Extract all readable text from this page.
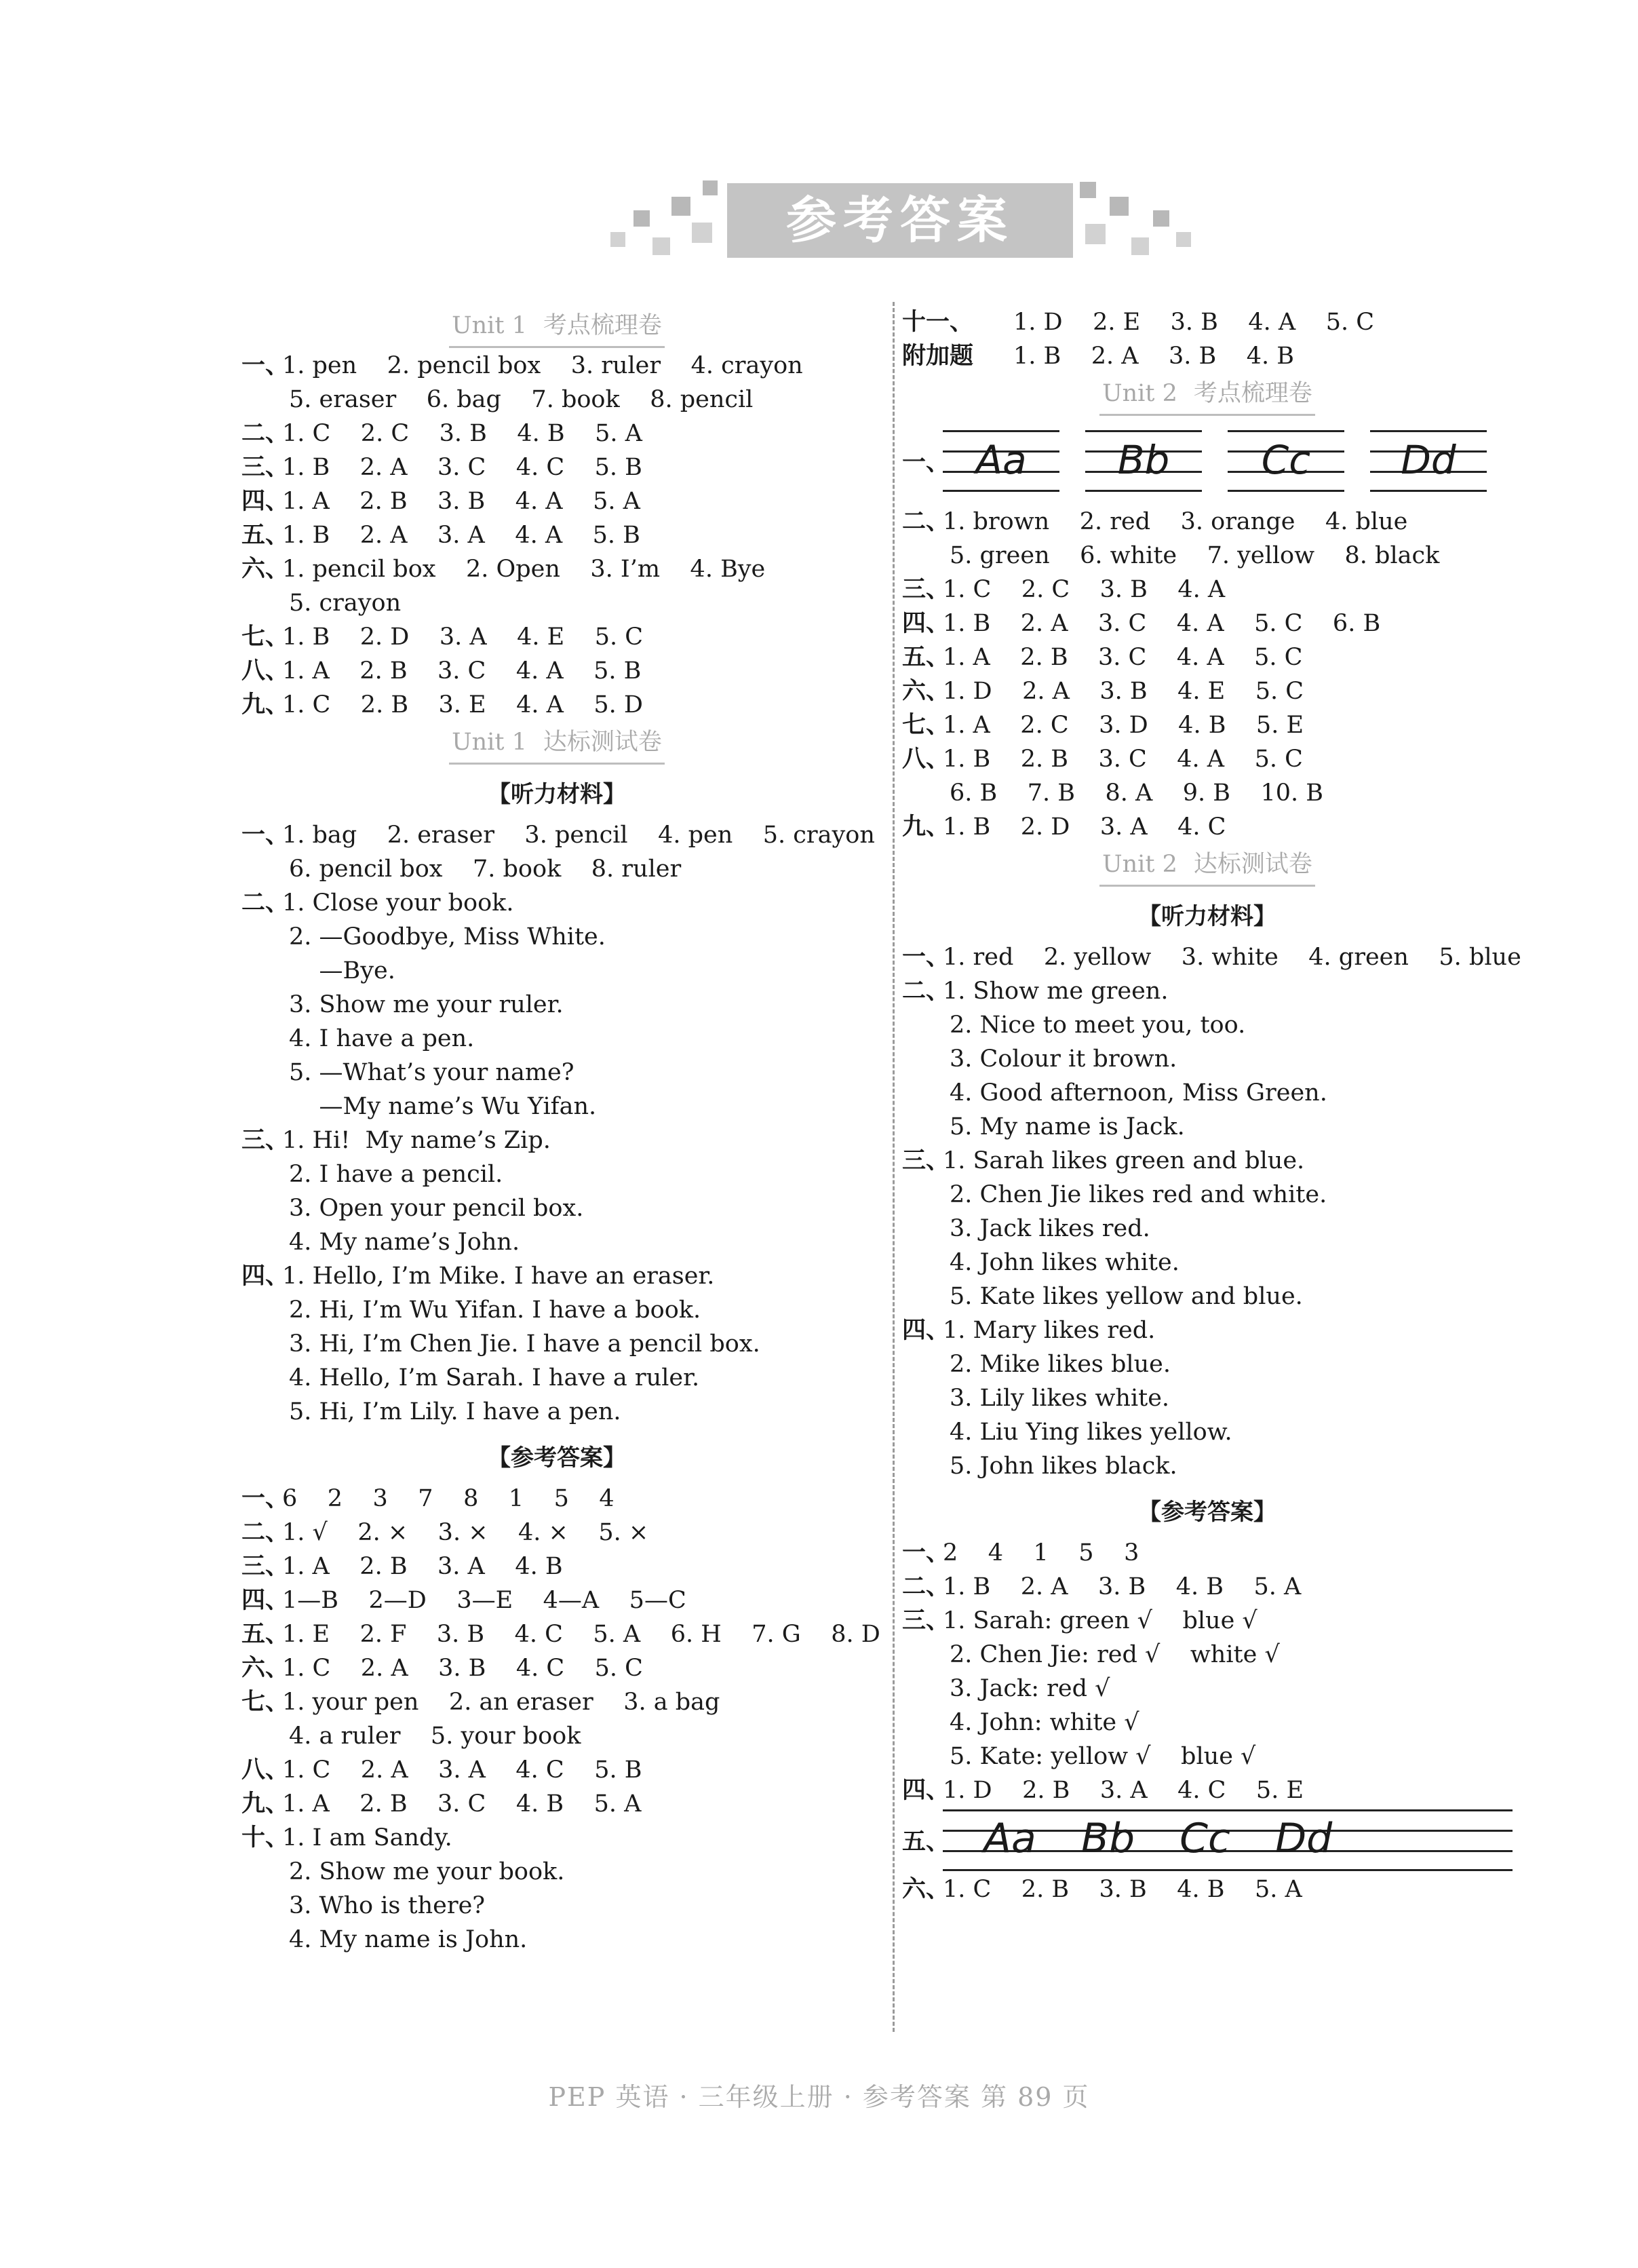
参考答案
Unit 1 考点梳理卷
一、1. pen    2. pencil box    3. ruler    4. crayon
5. eraser    6. bag    7. book    8. pencil
二、1. C    2. C    3. B    4. B    5. A
三、1. B    2. A    3. C    4. C    5. B
四、1. A    2. B    3. B    4. A    5. A
五、1. B    2. A    3. A    4. A    5. B
六、1. pencil box    2. Open    3. I’m    4. Bye
5. crayon
七、1. B    2. D    3. A    4. E    5. C
八、1. A    2. B    3. C    4. A    5. B
九、1. C    2. B    3. E    4. A    5. D
Unit 1 达标测试卷
【听力材料】
一、1. bag    2. eraser    3. pencil    4. pen    5. crayon
6. pencil box    7. book    8. ruler
二、1. Close your book.
2. —Goodbye, Miss White.
—Bye.
3. Show me your ruler.
4. I have a pen.
5. —What’s your name?
—My name’s Wu Yifan.
三、1. Hi!  My name’s Zip.
2. I have a pencil.
3. Open your pencil box.
4. My name’s John.
四、1. Hello, I’m Mike. I have an eraser.
2. Hi, I’m Wu Yifan. I have a book.
3. Hi, I’m Chen Jie. I have a pencil box.
4. Hello, I’m Sarah. I have a ruler.
5. Hi, I’m Lily. I have a pen.
【参考答案】
一、6    2    3    7    8    1    5    4
二、1. √    2. ×    3. ×    4. ×    5. ×
三、1. A    2. B    3. A    4. B
四、1—B    2—D    3—E    4—A    5—C
五、1. E    2. F    3. B    4. C    5. A    6. H    7. G    8. D
六、1. C    2. A    3. B    4. C    5. C
七、1. your pen    2. an eraser    3. a bag
4. a ruler    5. your book
八、1. C    2. A    3. A    4. C    5. B
九、1. A    2. B    3. C    4. B    5. A
十、1. I am Sandy.
2. Show me your book.
3. Who is there?
4. My name is John.
十一、 1. D    2. E    3. B    4. A    5. C
附加题 1. B    2. A    3. B    4. B
Unit 2 考点梳理卷
一、 Aa	Bb	Cc	Dd
二、1. brown    2. red    3. orange    4. blue
5. green    6. white    7. yellow    8. black
三、1. C    2. C    3. B    4. A
四、1. B    2. A    3. C    4. A    5. C    6. B
五、1. A    2. B    3. C    4. A    5. C
六、1. D    2. A    3. B    4. E    5. C
七、1. A    2. C    3. D    4. B    5. E
八、1. B    2. B    3. C    4. A    5. C
6. B    7. B    8. A    9. B    10. B
九、1. B    2. D    3. A    4. C
Unit 2 达标测试卷
【听力材料】
一、1. red    2. yellow    3. white    4. green    5. blue
二、1. Show me green.
2. Nice to meet you, too.
3. Colour it brown.
4. Good afternoon, Miss Green.
5. My name is Jack.
三、1. Sarah likes green and blue.
2. Chen Jie likes red and white.
3. Jack likes red.
4. John likes white.
5. Kate likes yellow and blue.
四、1. Mary likes red.
2. Mike likes blue.
3. Lily likes white.
4. Liu Ying likes yellow.
5. John likes black.
【参考答案】
一、2    4    1    5    3
二、1. B    2. A    3. B    4. B    5. A
三、1. Sarah: green √    blue √
2. Chen Jie: red √    white √
3. Jack: red √
4. John: white √
5. Kate: yellow √    blue √
四、1. D    2. B    3. A    4. C    5. E
五、 Aa Bb Cc Dd
六、1. C    2. B    3. B    4. B    5. A
PEP 英语 · 三年级上册 · 参考答案 第 89 页
